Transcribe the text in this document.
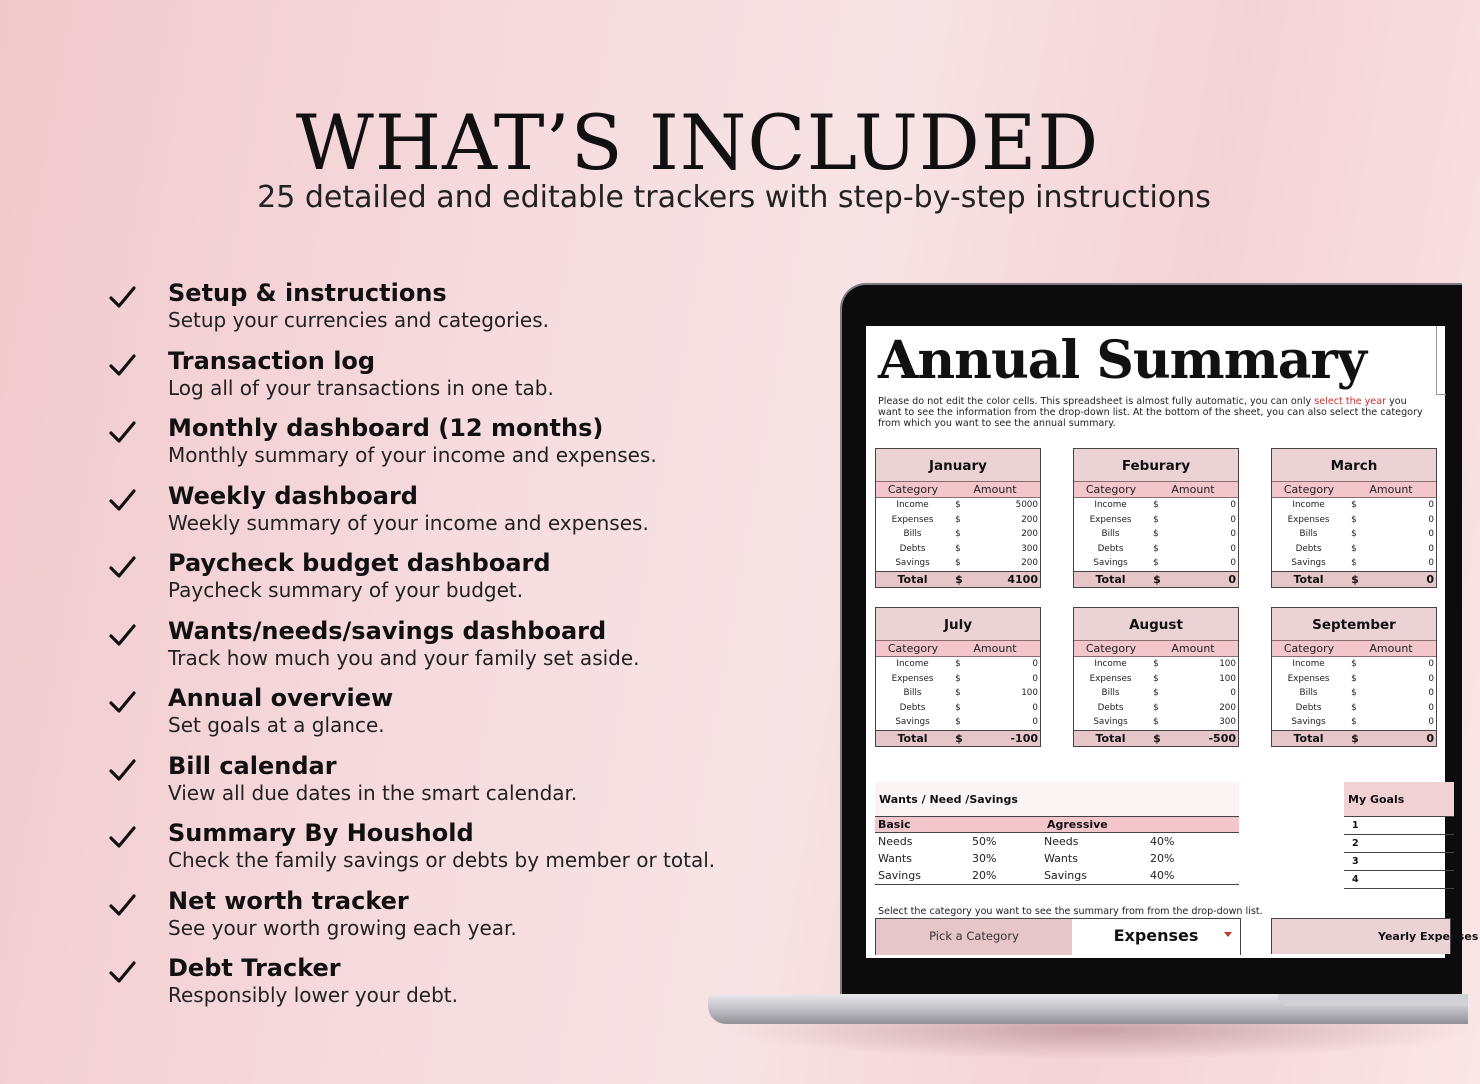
WHAT’S INCLUDED
25 detailed and editable trackers with step-by-step instructions
Setup & instructions
Setup your currencies and categories.
Transaction log
Log all of your transactions in one tab.
Monthly dashboard (12 months)
Monthly summary of your income and expenses.
Weekly dashboard
Weekly summary of your income and expenses.
Paycheck budget dashboard
Paycheck summary of your budget.
Wants/needs/savings dashboard
Track how much you and your family set aside.
Annual overview
Set goals at a glance.
Bill calendar
View all due dates in the smart calendar.
Summary By Houshold
Check the family savings or debts by member or total.
Net worth tracker
See your worth growing each year.
Debt Tracker
Responsibly lower your debt.
Annual Summary
Please do not edit the color cells. This spreadsheet is almost fully automatic, you can only select the year you want to see the information from the drop-down list. At the bottom of the sheet, you can also select the category from which you want to see the annual summary.
January
Category	Amount
Income	$	5000
Expenses	$	200
Bills	$	200
Debts	$	300
Savings	$	200
Total	$	4100
Feburary
Category	Amount
Income	$	0
Expenses	$	0
Bills	$	0
Debts	$	0
Savings	$	0
Total	$	0
March
Category	Amount
Income	$	0
Expenses	$	0
Bills	$	0
Debts	$	0
Savings	$	0
Total	$	0
July
Category	Amount
Income	$	0
Expenses	$	0
Bills	$	100
Debts	$	0
Savings	$	0
Total	$	-100
August
Category	Amount
Income	$	100
Expenses	$	100
Bills	$	0
Debts	$	200
Savings	$	300
Total	$	-500
September
Category	Amount
Income	$	0
Expenses	$	0
Bills	$	0
Debts	$	0
Savings	$	0
Total	$	0
Wants / Need /Savings
Basic	Agressive
Needs	50%	Needs	40%
Wants	30%	Wants	20%
Savings	20%	Savings	40%
My Goals
1
2
3
4
Select the category you want to see the summary from from the drop-down list.
Pick a Category	Expenses	Yearly Expenses
